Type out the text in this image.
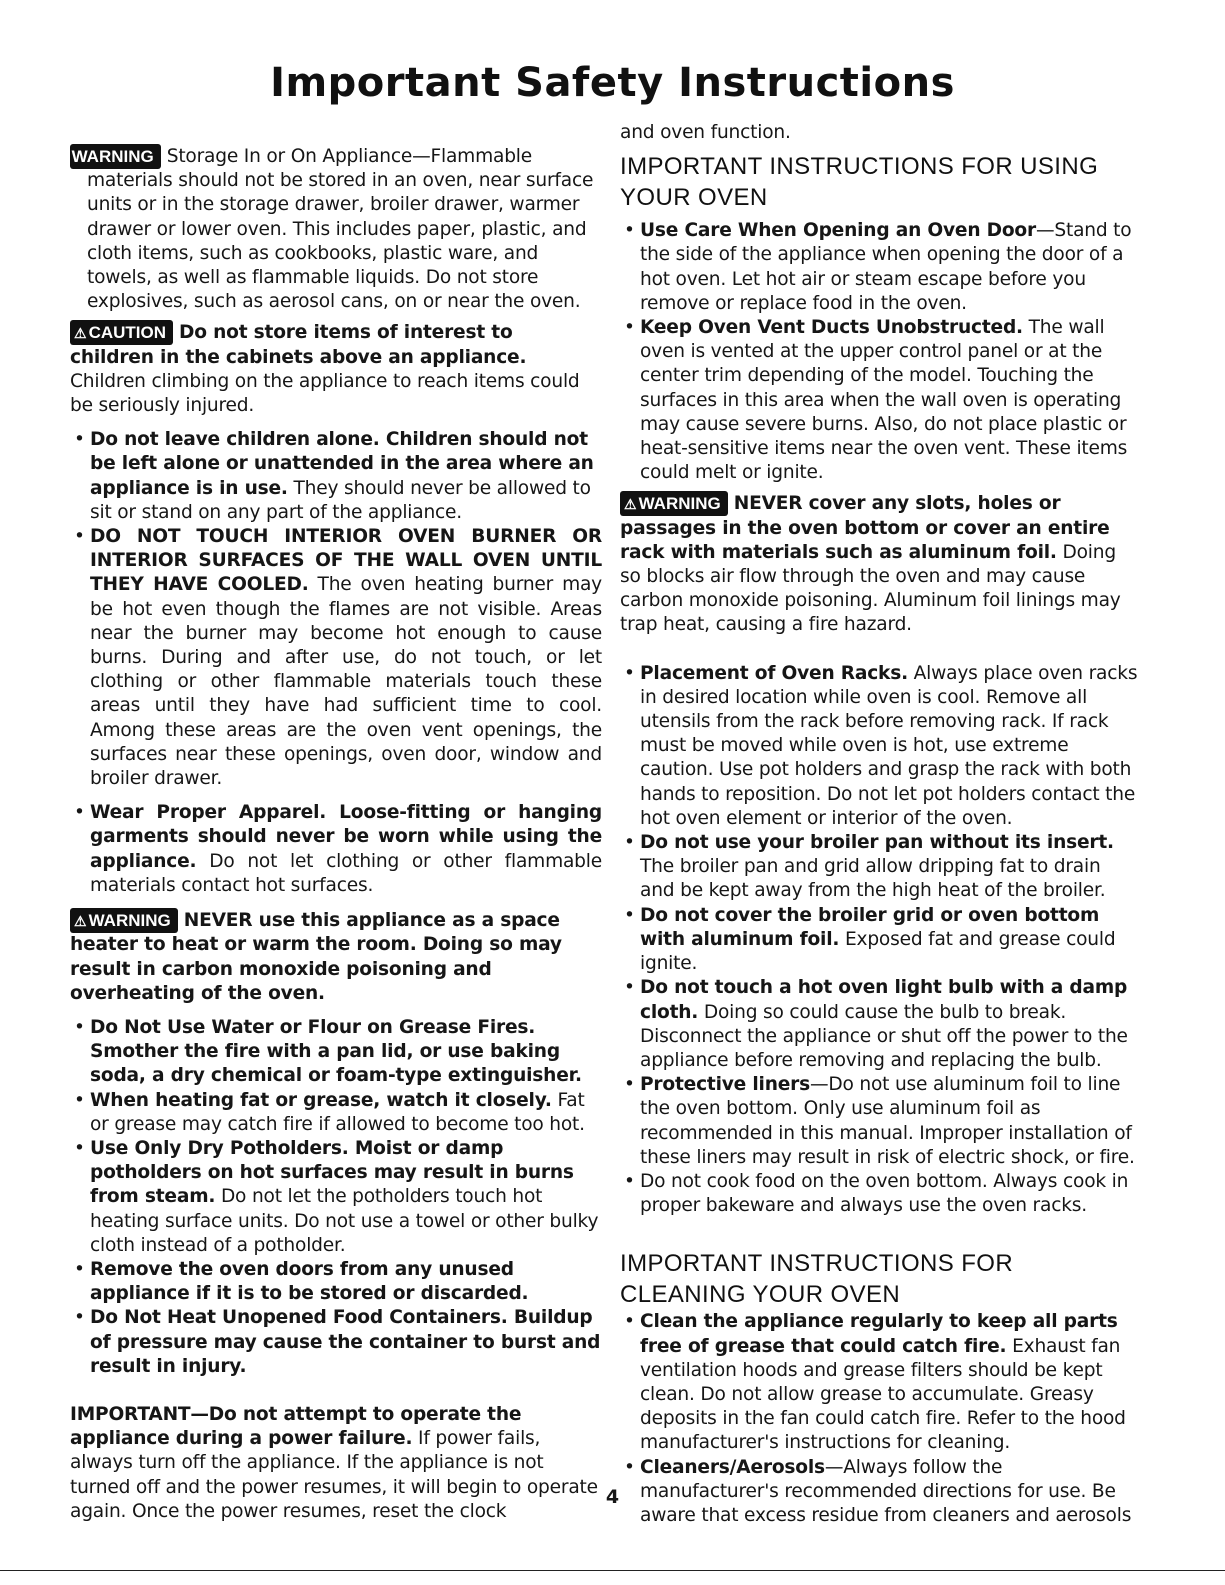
Important Safety Instructions

⚠ WARNING Storage In or On Appliance—Flammable materials should not be stored in an oven, near surface units or in the storage drawer, broiler drawer, warmer drawer or lower oven. This includes paper, plastic, and cloth items, such as cookbooks, plastic ware, and towels, as well as flammable liquids. Do not store explosives, such as aerosol cans, on or near the oven.

⚠ CAUTION Do not store items of interest to children in the cabinets above an appliance. Children climbing on the appliance to reach items could be seriously injured.

• Do not leave children alone. Children should not be left alone or unattended in the area where an appliance is in use. They should never be allowed to sit or stand on any part of the appliance.

• DO NOT TOUCH INTERIOR OVEN BURNER OR INTERIOR SURFACES OF THE WALL OVEN UNTIL THEY HAVE COOLED. The oven heating burner may be hot even though the flames are not visible. Areas near the burner may become hot enough to cause burns. During and after use, do not touch, or let clothing or other flammable materials touch these areas until they have had sufficient time to cool. Among these areas are the oven vent openings, the surfaces near these openings, oven door, window and broiler drawer.

• Wear Proper Apparel. Loose-fitting or hanging garments should never be worn while using the appliance. Do not let clothing or other flammable materials contact hot surfaces.

⚠ WARNING NEVER use this appliance as a space heater to heat or warm the room. Doing so may result in carbon monoxide poisoning and overheating of the oven.

• Do Not Use Water or Flour on Grease Fires. Smother the fire with a pan lid, or use baking soda, a dry chemical or foam-type extinguisher.

• When heating fat or grease, watch it closely. Fat or grease may catch fire if allowed to become too hot.

• Use Only Dry Potholders. Moist or damp potholders on hot surfaces may result in burns from steam. Do not let the potholders touch hot heating surface units. Do not use a towel or other bulky cloth instead of a potholder.

• Remove the oven doors from any unused appliance if it is to be stored or discarded.

• Do Not Heat Unopened Food Containers. Buildup of pressure may cause the container to burst and result in injury.

IMPORTANT—Do not attempt to operate the appliance during a power failure. If power fails, always turn off the appliance. If the appliance is not turned off and the power resumes, it will begin to operate again. Once the power resumes, reset the clock

and oven function.

IMPORTANT INSTRUCTIONS FOR USING YOUR OVEN

• Use Care When Opening an Oven Door—Stand to the side of the appliance when opening the door of a hot oven. Let hot air or steam escape before you remove or replace food in the oven.

• Keep Oven Vent Ducts Unobstructed. The wall oven is vented at the upper control panel or at the center trim depending of the model. Touching the surfaces in this area when the wall oven is operating may cause severe burns. Also, do not place plastic or heat-sensitive items near the oven vent. These items could melt or ignite.

⚠ WARNING NEVER cover any slots, holes or passages in the oven bottom or cover an entire rack with materials such as aluminum foil. Doing so blocks air flow through the oven and may cause carbon monoxide poisoning. Aluminum foil linings may trap heat, causing a fire hazard.

• Placement of Oven Racks. Always place oven racks in desired location while oven is cool. Remove all utensils from the rack before removing rack. If rack must be moved while oven is hot, use extreme caution. Use pot holders and grasp the rack with both hands to reposition. Do not let pot holders contact the hot oven element or interior of the oven.

• Do not use your broiler pan without its insert. The broiler pan and grid allow dripping fat to drain and be kept away from the high heat of the broiler.

• Do not cover the broiler grid or oven bottom with aluminum foil. Exposed fat and grease could ignite.

• Do not touch a hot oven light bulb with a damp cloth. Doing so could cause the bulb to break. Disconnect the appliance or shut off the power to the appliance before removing and replacing the bulb.

• Protective liners—Do not use aluminum foil to line the oven bottom. Only use aluminum foil as recommended in this manual. Improper installation of these liners may result in risk of electric shock, or fire.

• Do not cook food on the oven bottom. Always cook in proper bakeware and always use the oven racks.

IMPORTANT INSTRUCTIONS FOR CLEANING YOUR OVEN

• Clean the appliance regularly to keep all parts free of grease that could catch fire. Exhaust fan ventilation hoods and grease filters should be kept clean. Do not allow grease to accumulate. Greasy deposits in the fan could catch fire. Refer to the hood manufacturer's instructions for cleaning.

• Cleaners/Aerosols—Always follow the manufacturer's recommended directions for use. Be aware that excess residue from cleaners and aerosols

4
